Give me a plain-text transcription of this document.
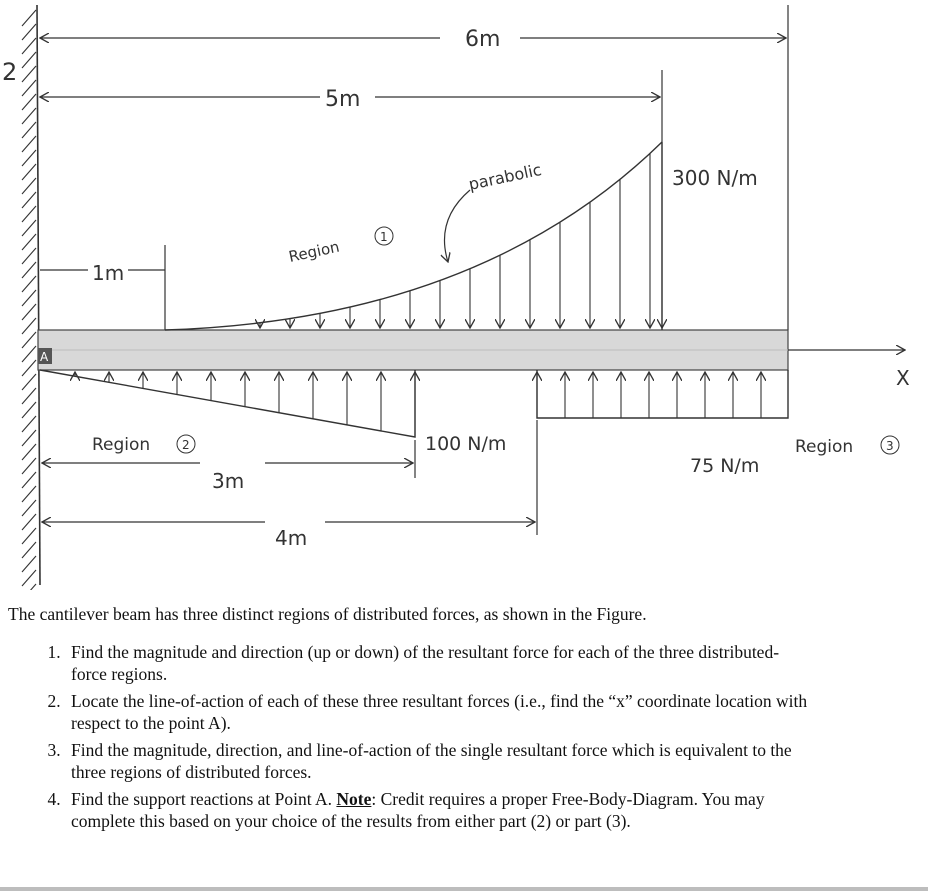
2
6m
5m
1m
A
X
Region
1
parabolic	300 N/m
Region	2	100 N/m
75 N/m
Region	3
3m
4m

The cantilever beam has three distinct regions of distributed forces, as shown in the Figure.

1. Find the magnitude and direction (up or down) of the resultant force for each of the three distributed-force regions.
2. Locate the line-of-action of each of these three resultant forces (i.e., find the “x” coordinate location with respect to the point A).
3. Find the magnitude, direction, and line-of-action of the single resultant force which is equivalent to the three regions of distributed forces.
4. Find the support reactions at Point A. Note: Credit requires a proper Free-Body-Diagram. You may complete this based on your choice of the results from either part (2) or part (3).
